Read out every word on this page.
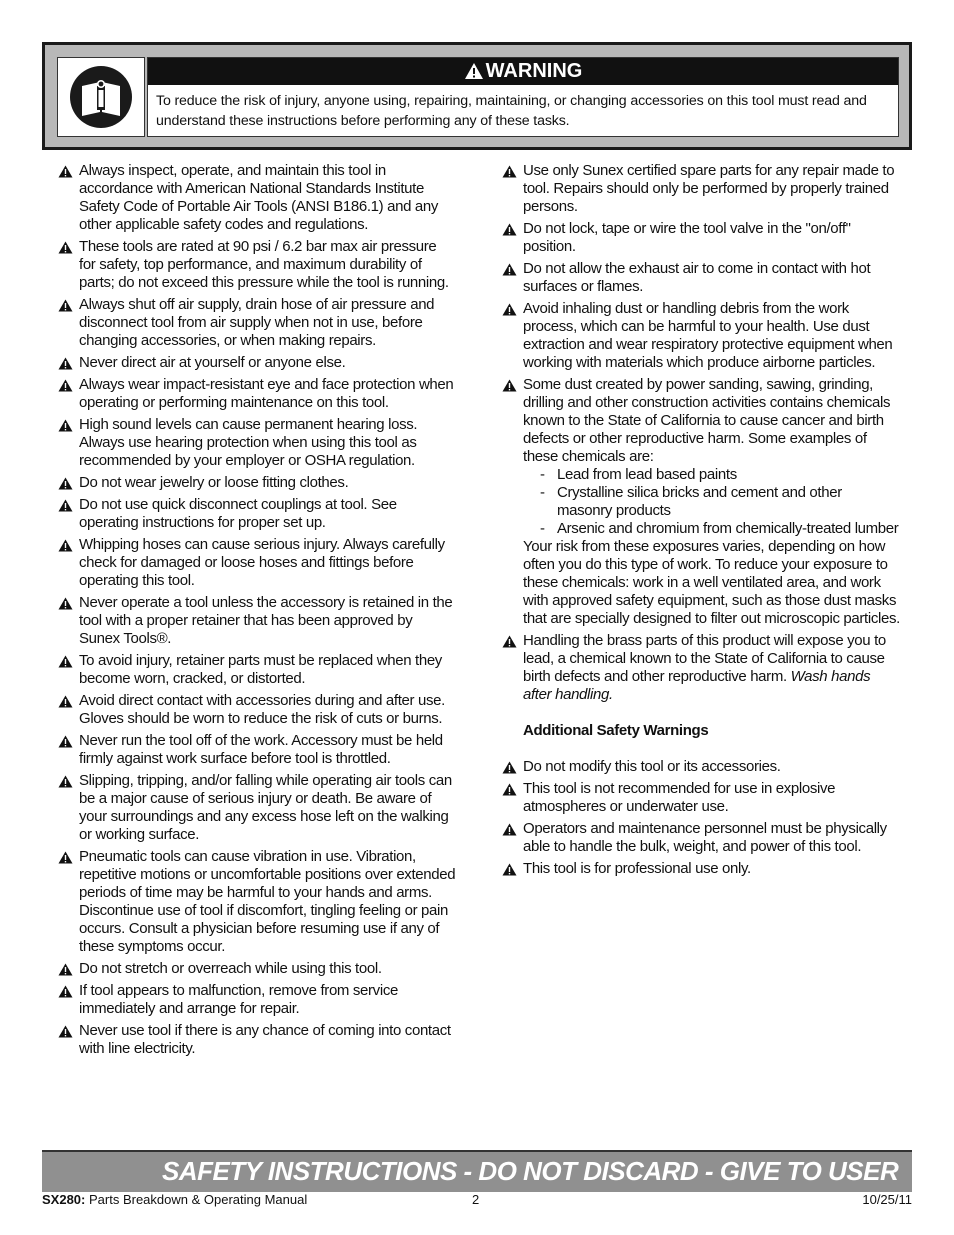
WARNING
To reduce the risk of injury, anyone using, repairing, maintaining, or changing accessories on this tool must read and understand these instructions before performing any of these tasks.
Always inspect, operate, and maintain this tool in accordance with American National Standards Institute Safety Code of Portable Air Tools (ANSI B186.1) and any other applicable safety codes and regulations.
These tools are rated at 90 psi / 6.2 bar max air pressure for safety, top performance, and maximum durability of parts; do not exceed this pressure while the tool is running.
Always shut off air supply, drain hose of air pressure and disconnect tool from air supply when not in use, before changing accessories, or when making repairs.
Never direct air at yourself or anyone else.
Always wear impact-resistant eye and face protection when operating or performing maintenance on this tool.
High sound levels can cause permanent hearing loss. Always use hearing protection when using this tool as recommended by your employer or OSHA regulation.
Do not wear jewelry or loose fitting clothes.
Do not use quick disconnect couplings at tool. See operating instructions for proper set up.
Whipping hoses can cause serious injury. Always carefully check for damaged or loose hoses and fittings before operating this tool.
Never operate a tool unless the accessory is retained in the tool with a proper retainer that has been approved by Sunex Tools®.
To avoid injury, retainer parts must be replaced when they become worn, cracked, or distorted.
Avoid direct contact with accessories during and after use. Gloves should be worn to reduce the risk of cuts or burns.
Never run the tool off of the work. Accessory must be held firmly against work surface before tool is throttled.
Slipping, tripping, and/or falling while operating air tools can be a major cause of serious injury or death. Be aware of your surroundings and any excess hose left on the walking or working surface.
Pneumatic tools can cause vibration in use. Vibration, repetitive motions or uncomfortable positions over extended periods of time may be harmful to your hands and arms. Discontinue use of tool if discomfort, tingling feeling or pain occurs. Consult a physician before resuming use if any of these symptoms occur.
Do not stretch or overreach while using this tool.
If tool appears to malfunction, remove from service immediately and arrange for repair.
Never use tool if there is any chance of coming into contact with line electricity.
Use only Sunex certified spare parts for any repair made to tool. Repairs should only be performed by properly trained persons.
Do not lock, tape or wire the tool valve in the "on/off" position.
Do not allow the exhaust air to come in contact with hot surfaces or flames.
Avoid inhaling dust or handling debris from the work process, which can be harmful to your health. Use dust extraction and wear respiratory protective equipment when working with materials which produce airborne particles.
Some dust created by power sanding, sawing, grinding, drilling and other construction activities contains chemicals known to the State of California to cause cancer and birth defects or other reproductive harm. Some examples of these chemicals are:
- Lead from lead based paints
- Crystalline silica bricks and cement and other masonry products
- Arsenic and chromium from chemically-treated lumber
Your risk from these exposures varies, depending on how often you do this type of work. To reduce your exposure to these chemicals: work in a well ventilated area, and work with approved safety equipment, such as those dust masks that are specially designed to filter out microscopic particles.
Handling the brass parts of this product will expose you to lead, a chemical known to the State of California to cause birth defects and other reproductive harm. Wash hands after handling.
Additional Safety Warnings
Do not modify this tool or its accessories.
This tool is not recommended for use in explosive atmospheres or underwater use.
Operators and maintenance personnel must be physically able to handle the bulk, weight, and power of this tool.
This tool is for professional use only.
SAFETY INSTRUCTIONS - DO NOT DISCARD - GIVE TO USER
SX280: Parts Breakdown & Operating Manual	2	10/25/11
